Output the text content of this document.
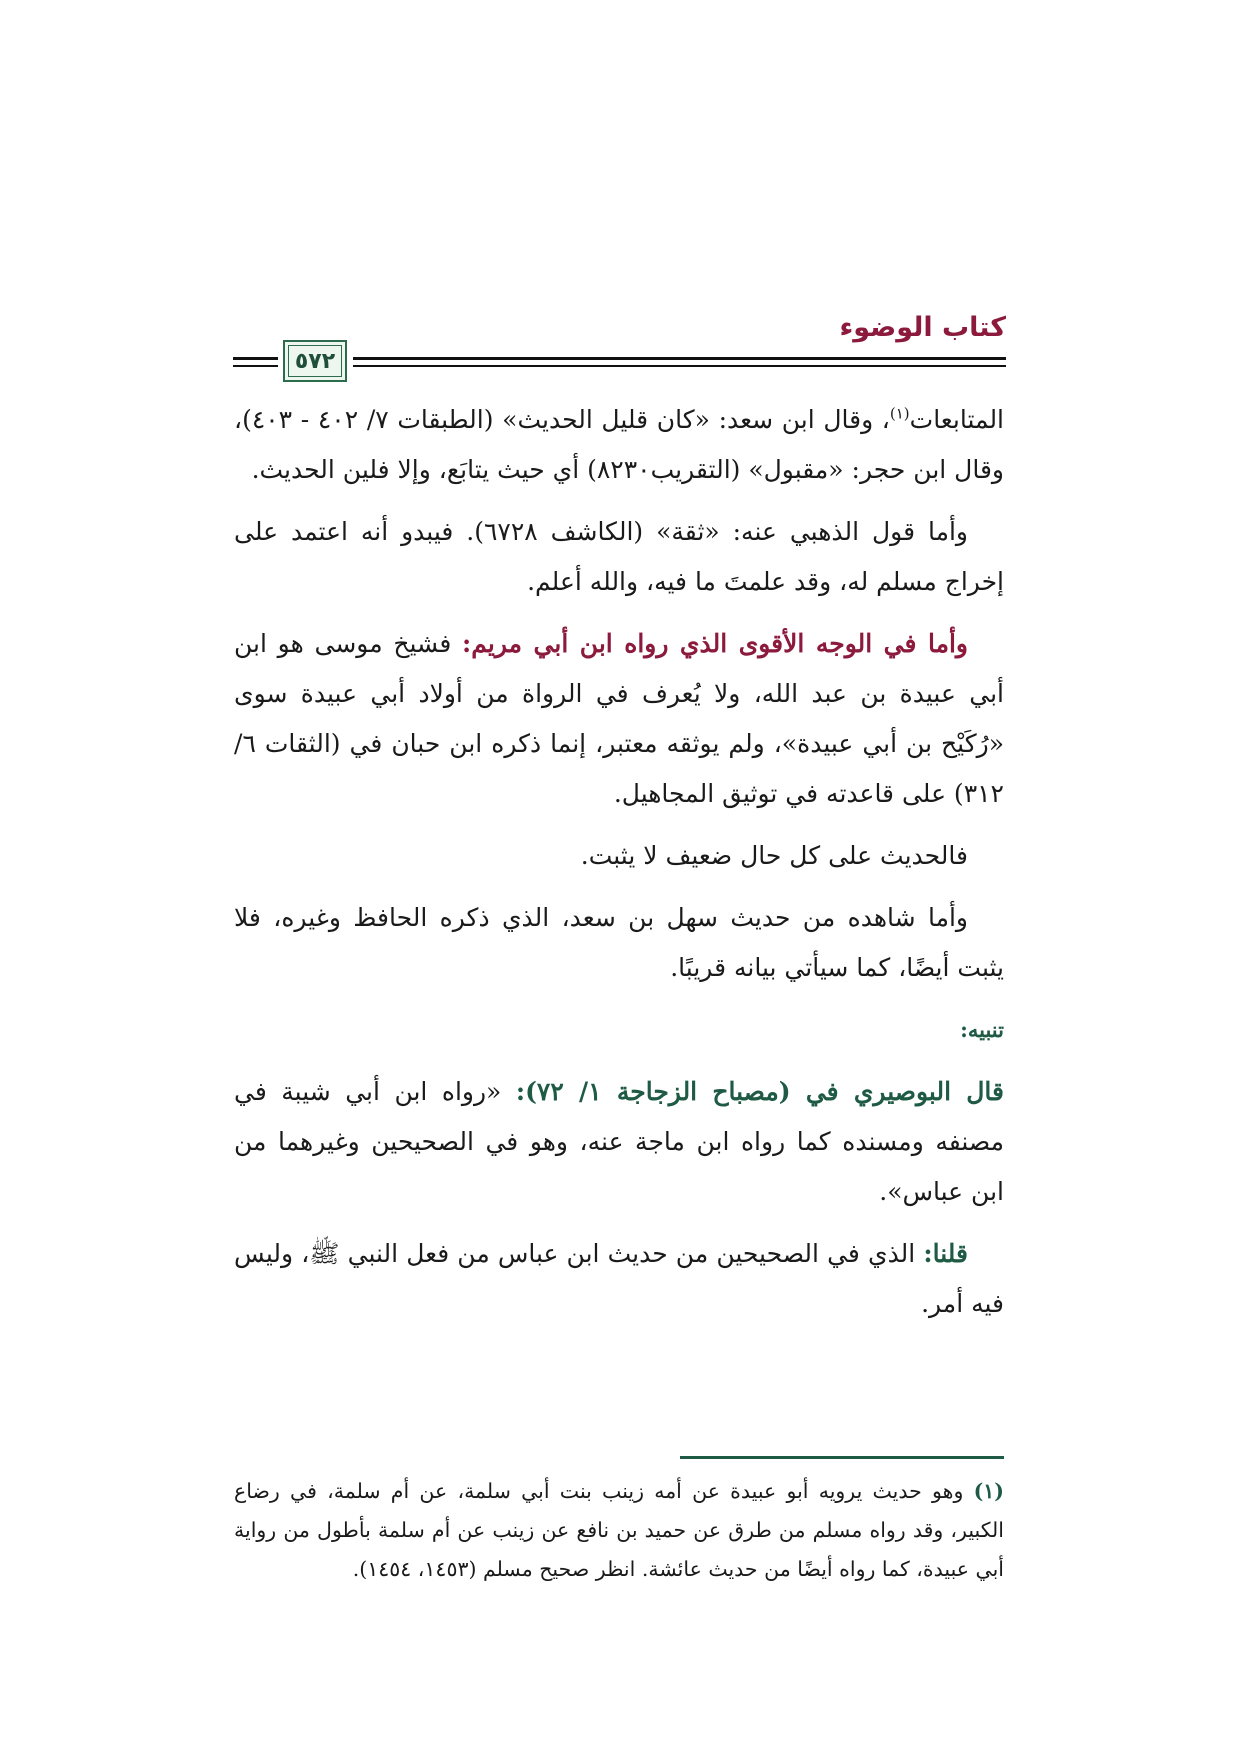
كتاب الوضوء
٥٧٢

المتابعات$^{(١)}$، وقال ابن سعد: «كان قليل الحديث» (الطبقات ٧/ ٤٠٢ - ٤٠٣)، وقال ابن حجر: «مقبول» (التقريب٨٢٣٠) أي حيث يتابَع، وإلا فلين الحديث.

وأما قول الذهبي عنه: «ثقة» (الكاشف ٦٧٢٨). فيبدو أنه اعتمد على إخراج مسلم له، وقد علمتَ ما فيه، والله أعلم.

وأما في الوجه الأقوى الذي رواه ابن أبي مريم: فشيخ موسى هو ابن أبي عبيدة بن عبد الله، ولا يُعرف في الرواة من أولاد أبي عبيدة سوى «رُكَيْح بن أبي عبيدة»، ولم يوثقه معتبر، إنما ذكره ابن حبان في (الثقات ٦/ ٣١٢) على قاعدته في توثيق المجاهيل.

فالحديث على كل حال ضعيف لا يثبت.

وأما شاهده من حديث سهل بن سعد، الذي ذكره الحافظ وغيره، فلا يثبت أيضًا، كما سيأتي بيانه قريبًا.

تنبيه:

قال البوصيري في (مصباح الزجاجة ١/ ٧٢): «رواه ابن أبي شيبة في مصنفه ومسنده كما رواه ابن ماجة عنه، وهو في الصحيحين وغيرهما من ابن عباس».

قلنا: الذي في الصحيحين من حديث ابن عباس من فعل النبي ﷺ، وليس فيه أمر.

(١) وهو حديث يرويه أبو عبيدة عن أمه زينب بنت أبي سلمة، عن أم سلمة، في رضاع الكبير، وقد رواه مسلم من طرق عن حميد بن نافع عن زينب عن أم سلمة بأطول من رواية أبي عبيدة، كما رواه أيضًا من حديث عائشة. انظر صحيح مسلم (١٤٥٣، ١٤٥٤).
